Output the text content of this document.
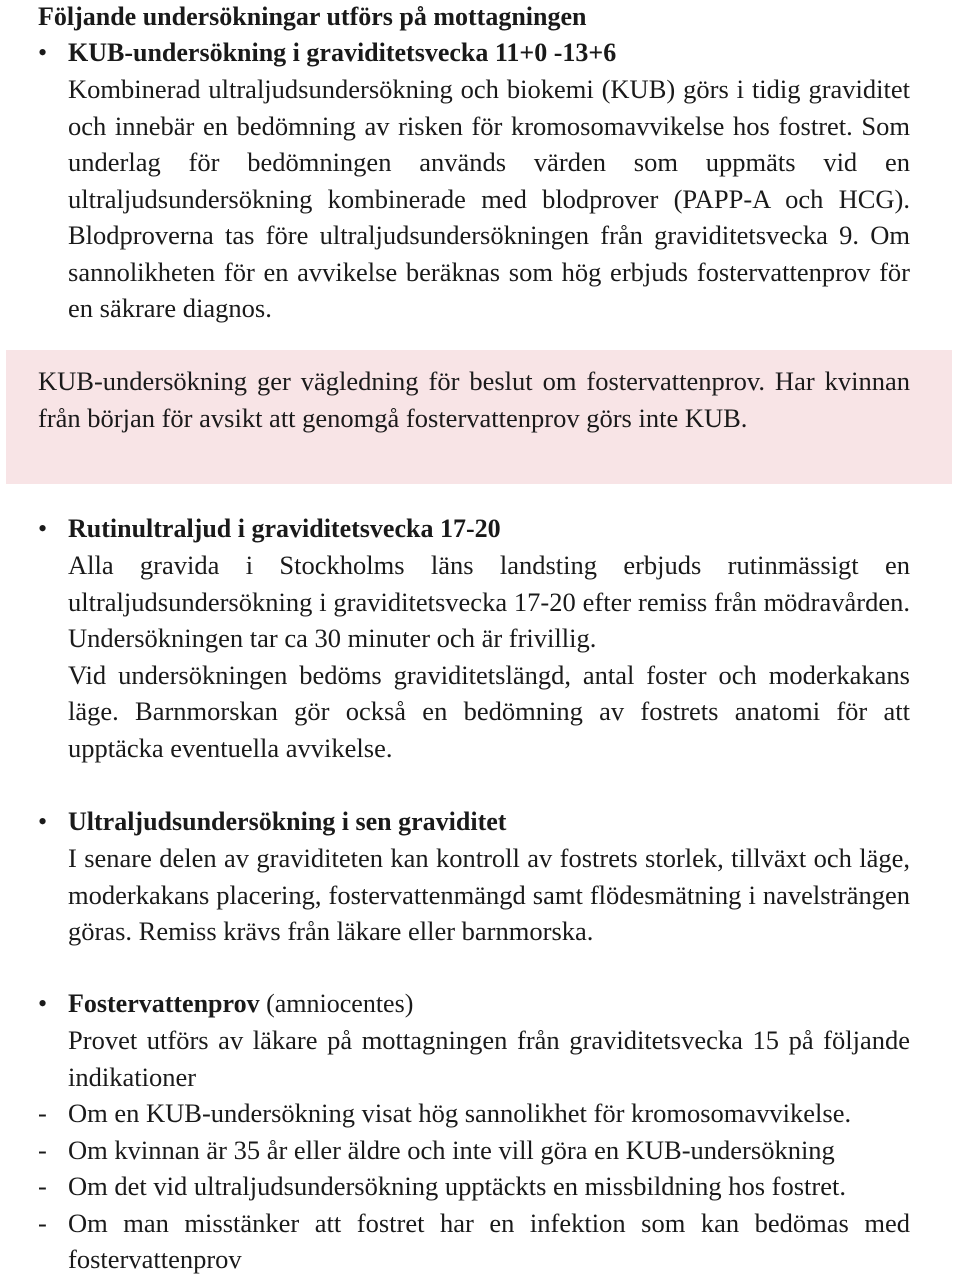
Följande undersökningar utförs på mottagningen
• KUB-undersökning i graviditetsvecka 11+0 -13+6

Kombinerad ultraljudsundersökning och biokemi (KUB) görs i tidig graviditet och innebär en bedömning av risken för kromosomavvikelse hos fostret. Som underlag för bedömningen används värden som uppmäts vid en ultraljudsundersökning kombinerade med blodprover (PAPP-A och HCG). Blodproverna tas före ultraljudsundersökningen från graviditetsvecka 9. Om sannolikheten för en avvikelse beräknas som hög erbjuds fostervattenprov för en säkrare diagnos.

KUB-undersökning ger vägledning för beslut om fostervattenprov. Har kvinnan från början för avsikt att genomgå fostervattenprov görs inte KUB.

• Rutinultraljud i graviditetsvecka 17-20

Alla gravida i Stockholms läns landsting erbjuds rutinmässigt en ultraljudsundersökning i graviditetsvecka 17-20 efter remiss från mödravården. Undersökningen tar ca 30 minuter och är frivillig.

Vid undersökningen bedöms graviditetslängd, antal foster och moderkakans läge. Barnmorskan gör också en bedömning av fostrets anatomi för att upptäcka eventuella avvikelse.

• Ultraljudsundersökning i sen graviditet

I senare delen av graviditeten kan kontroll av fostrets storlek, tillväxt och läge, moderkakans placering, fostervattenmängd samt flödesmätning i navelsträngen göras. Remiss krävs från läkare eller barnmorska.

• Fostervattenprov (amniocentes)

Provet utförs av läkare på mottagningen från graviditetsvecka 15 på följande indikationer

- Om en KUB-undersökning visat hög sannolikhet för kromosomavvikelse.
- Om kvinnan är 35 år eller äldre och inte vill göra en KUB-undersökning
- Om det vid ultraljudsundersökning upptäckts en missbildning hos fostret.
- Om man misstänker att fostret har en infektion som kan bedömas med fostervattenprov
